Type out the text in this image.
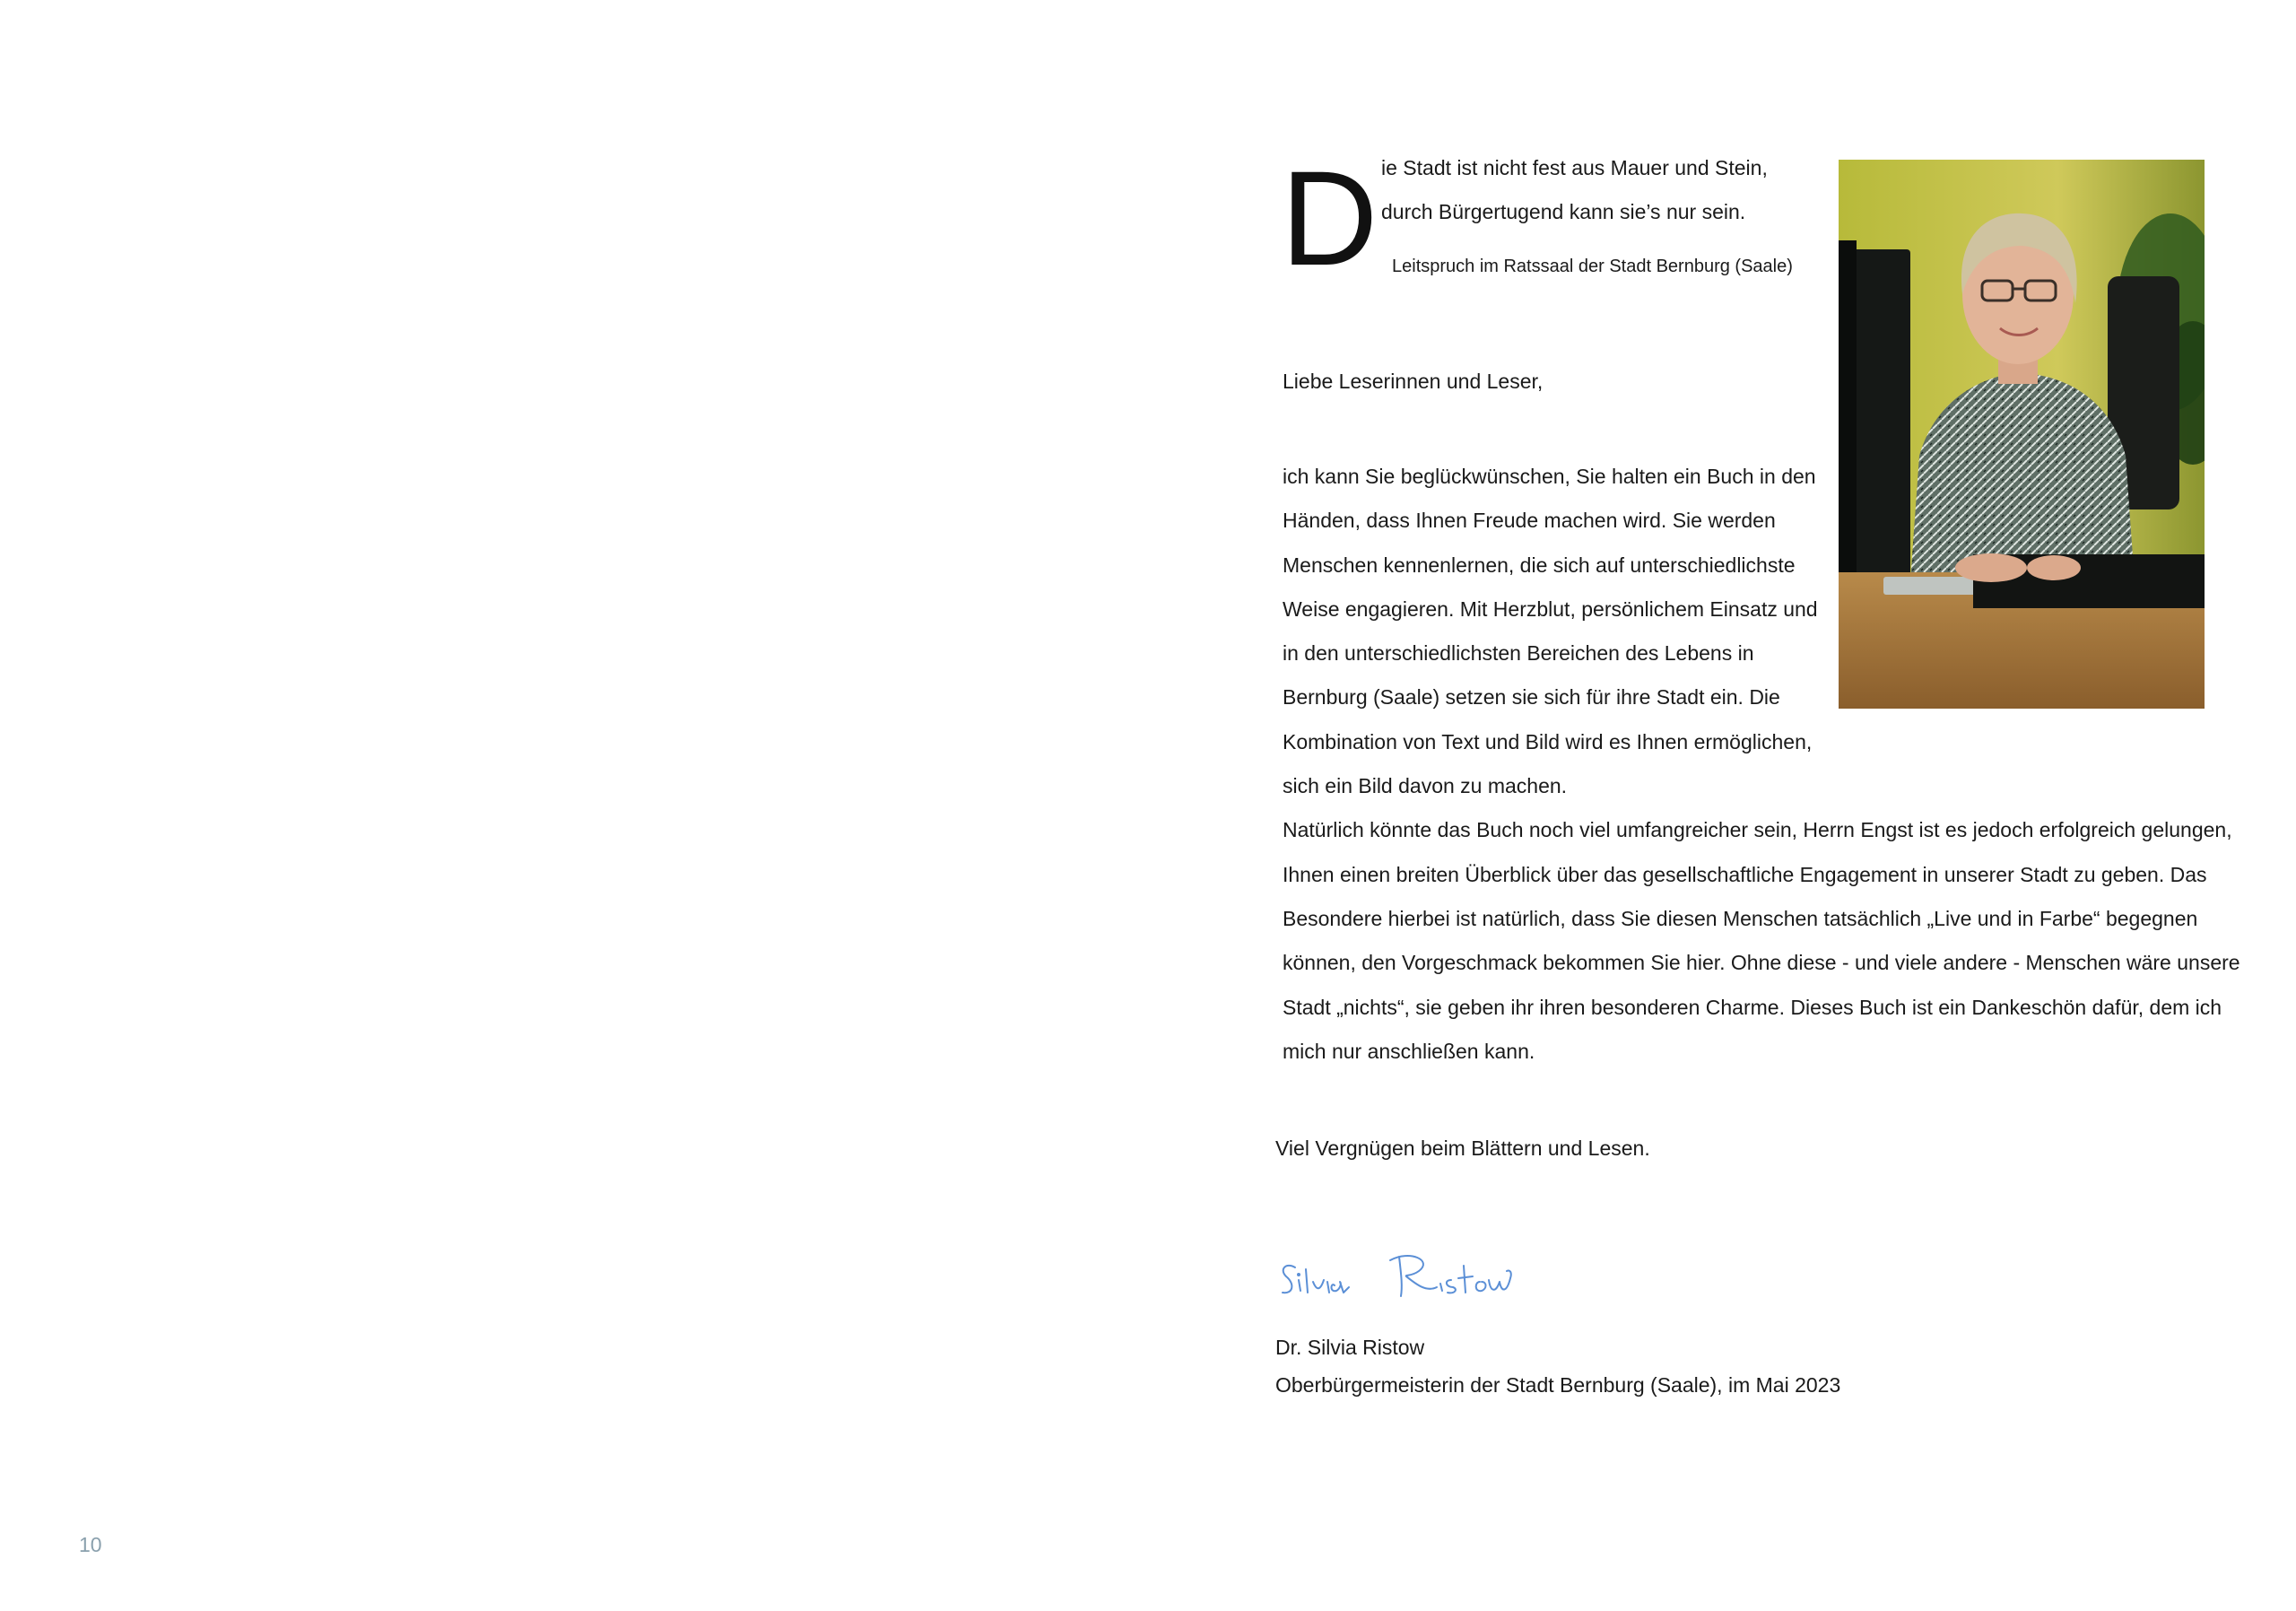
D ie Stadt ist nicht fest aus Mauer und Stein,
durch Bürgertugend kann sie’s nur sein.
Leitspruch im Ratssaal der Stadt Bernburg (Saale)
Liebe Leserinnen und Leser,
ich kann Sie beglückwünschen, Sie halten ein Buch in den
Händen, dass Ihnen Freude machen wird. Sie werden
Menschen kennenlernen, die sich auf unterschiedlichste
Weise engagieren. Mit Herzblut, persönlichem Einsatz und
in den unterschiedlichsten Bereichen des Lebens in
Bernburg (Saale) setzen sie sich für ihre Stadt ein. Die
Kombination von Text und Bild wird es Ihnen ermöglichen,
sich ein Bild davon zu machen.
Natürlich könnte das Buch noch viel umfangreicher sein, Herrn Engst ist es jedoch erfolgreich gelungen,
Ihnen einen breiten Überblick über das gesellschaftliche Engagement in unserer Stadt zu geben. Das
Besondere hierbei ist natürlich, dass Sie diesen Menschen tatsächlich „Live und in Farbe“ begegnen
können, den Vorgeschmack bekommen Sie hier. Ohne diese - und viele andere - Menschen wäre unsere
Stadt „nichts“, sie geben ihr ihren besonderen Charme. Dieses Buch ist ein Dankeschön dafür, dem ich
mich nur anschließen kann.
Viel Vergnügen beim Blättern und Lesen.
Dr. Silvia Ristow
Oberbürgermeisterin der Stadt Bernburg (Saale), im Mai 2023
10
